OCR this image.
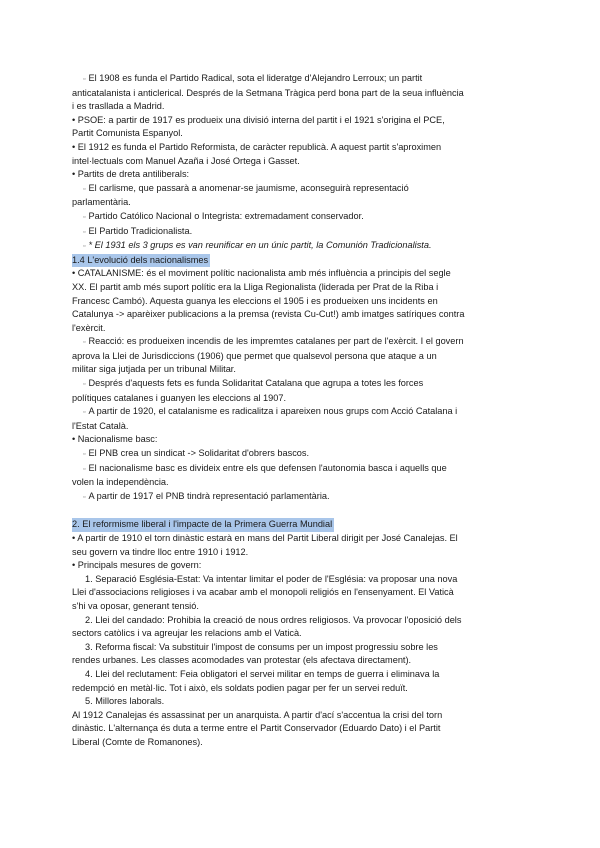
▫ El 1908 es funda el Partido Radical, sota el lideratge d'Alejandro Lerroux; un partit

anticatalanista i anticlerical. Després de la Setmana Tràgica perd bona part de la seua influència

i es trasllada a Madrid.

• PSOE: a partir de 1917 es produeix una divisió interna del partit i el 1921 s'origina el PCE,

Partit Comunista Espanyol.

• El 1912 es funda el Partido Reformista, de caràcter republicà. A aquest partit s'aproximen

intel·lectuals com Manuel Azaña i José Ortega i Gasset.

• Partits de dreta antiliberals:

▫ El carlisme, que passarà a anomenar-se jaumisme, aconseguirà representació

parlamentària.

▫ Partido Católico Nacional o Integrista: extremadament conservador.

▫ El Partido Tradicionalista.

▫ * El 1931 els 3 grups es van reunificar en un únic partit, la Comunión Tradicionalista.

1.4 L'evolució dels nacionalismes

• CATALANISME: és el moviment polític nacionalista amb més influència a principis del segle

XX. El partit amb més suport polític era la Lliga Regionalista (liderada per Prat de la Riba i

Francesc Cambó). Aquesta guanya les eleccions el 1905 i es produeixen uns incidents en

Catalunya -> aparèixer publicacions a la premsa (revista Cu-Cut!) amb imatges satíriques contra

l'exèrcit.

▫ Reacció: es produeixen incendis de les impremtes catalanes per part de l'exèrcit. I el govern

aprova la Llei de Jurisdiccions (1906) que permet que qualsevol persona que ataque a un

militar siga jutjada per un tribunal Militar.

▫ Després d'aquests fets es funda Solidaritat Catalana que agrupa a totes les forces

polítiques catalanes i guanyen les eleccions al 1907.

▫ A partir de 1920, el catalanisme es radicalitza i apareixen nous grups com Acció Catalana i

l'Estat Català.

• Nacionalisme basc:

▫ El PNB crea un sindicat -> Solidaritat d'obrers bascos.

▫ El nacionalisme basc es divideix entre els que defensen l'autonomia basca i aquells que

volen la independència.

▫ A partir de 1917 el PNB tindrà representació parlamentària.

2. El reformisme liberal i l'impacte de la Primera Guerra Mundial

• A partir de 1910 el torn dinàstic estarà en mans del Partit Liberal dirigit per José Canalejas. El

seu govern va tindre lloc entre 1910 i 1912.

• Principals mesures de govern:

1. Separació Església-Estat: Va intentar limitar el poder de l'Església: va proposar una nova

Llei d'associacions religioses i va acabar amb el monopoli religiós en l'ensenyament. El Vaticà

s'hi va oposar, generant tensió.

2. Llei del candado: Prohibia la creació de nous ordres religiosos. Va provocar l'oposició dels

sectors catòlics i va agreujar les relacions amb el Vaticà.

3. Reforma fiscal: Va substituir l'impost de consums per un impost progressiu sobre les

rendes urbanes. Les classes acomodades van protestar (els afectava directament).

4. Llei del reclutament: Feia obligatori el servei militar en temps de guerra i eliminava la

redempció en metàl·lic. Tot i això, els soldats podien pagar per fer un servei reduït.

5. Millores laborals.

Al 1912 Canalejas és assassinat per un anarquista. A partir d'ací s'accentua la crisi del torn

dinàstic. L'alternança és duta a terme entre el Partit Conservador (Eduardo Dato) i el Partit

Liberal (Comte de Romanones).
